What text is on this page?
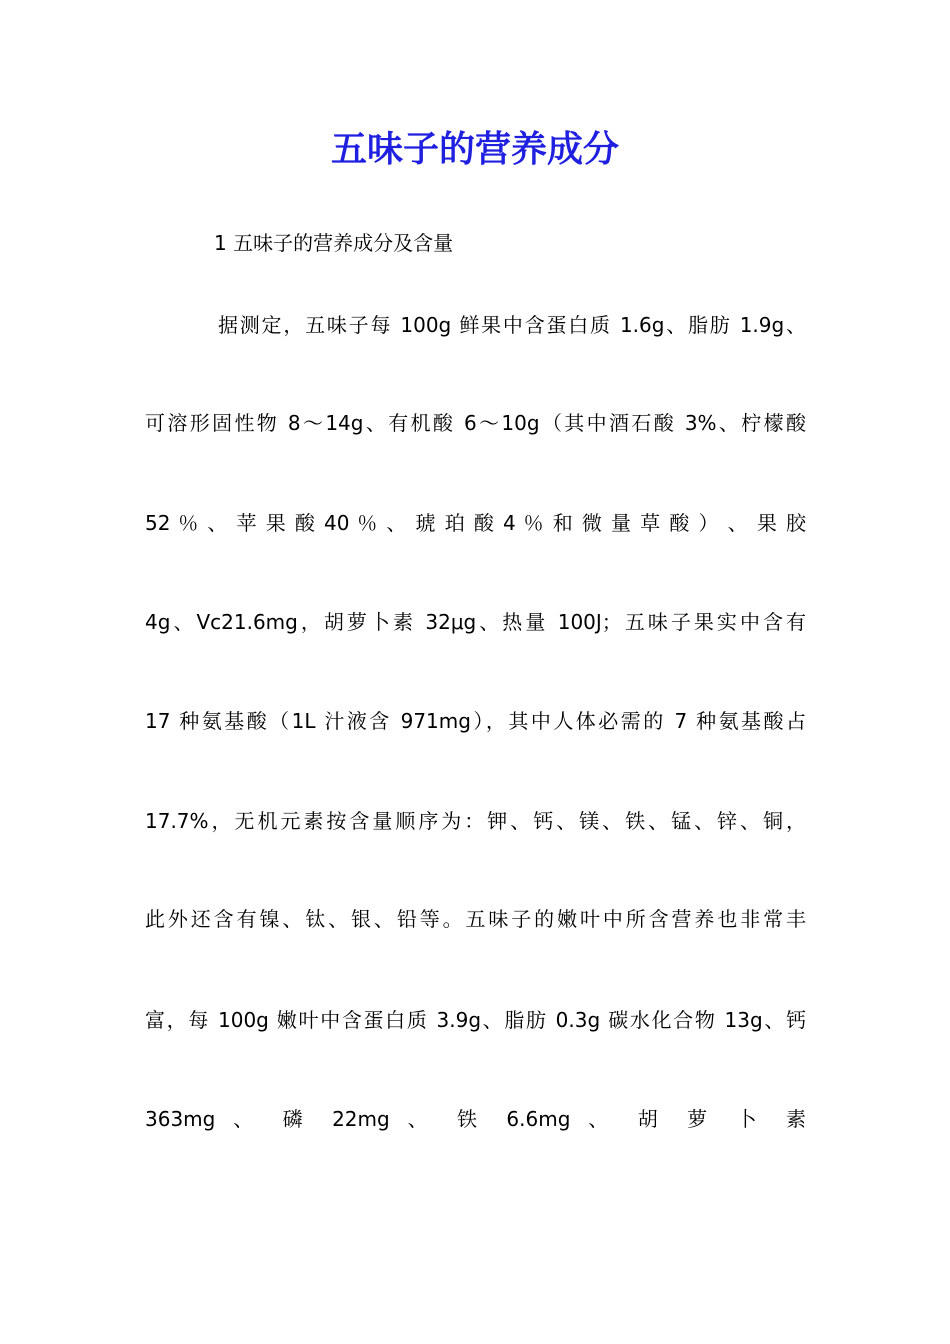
五味子的营养成分

1 五味子的营养成分及含量

据测定，五味子每 100g 鲜果中含蛋白质 1.6g、脂肪 1.9g、

可溶形固性物 8～14g、有机酸 6～10g（其中酒石酸 3%、柠檬酸

52 ％ 、 苹 果 酸 40 ％ 、 琥 珀 酸 4 ％ 和 微 量 草 酸 ） 、 果 胶

4g、Vc21.6mg，胡萝卜素 32μg、热量 100J；五味子果实中含有

17 种氨基酸（1L 汁液含 971mg），其中人体必需的 7 种氨基酸占

17.7%，无机元素按含量顺序为：钾、钙、镁、铁、锰、锌、铜，

此外还含有镍、钛、银、铅等。五味子的嫩叶中所含营养也非常丰

富，每 100g 嫩叶中含蛋白质 3.9g、脂肪 0.3g 碳水化合物 13g、钙

363mg 、 磷 22mg 、 铁 6.6mg 、 胡 萝 卜 素
